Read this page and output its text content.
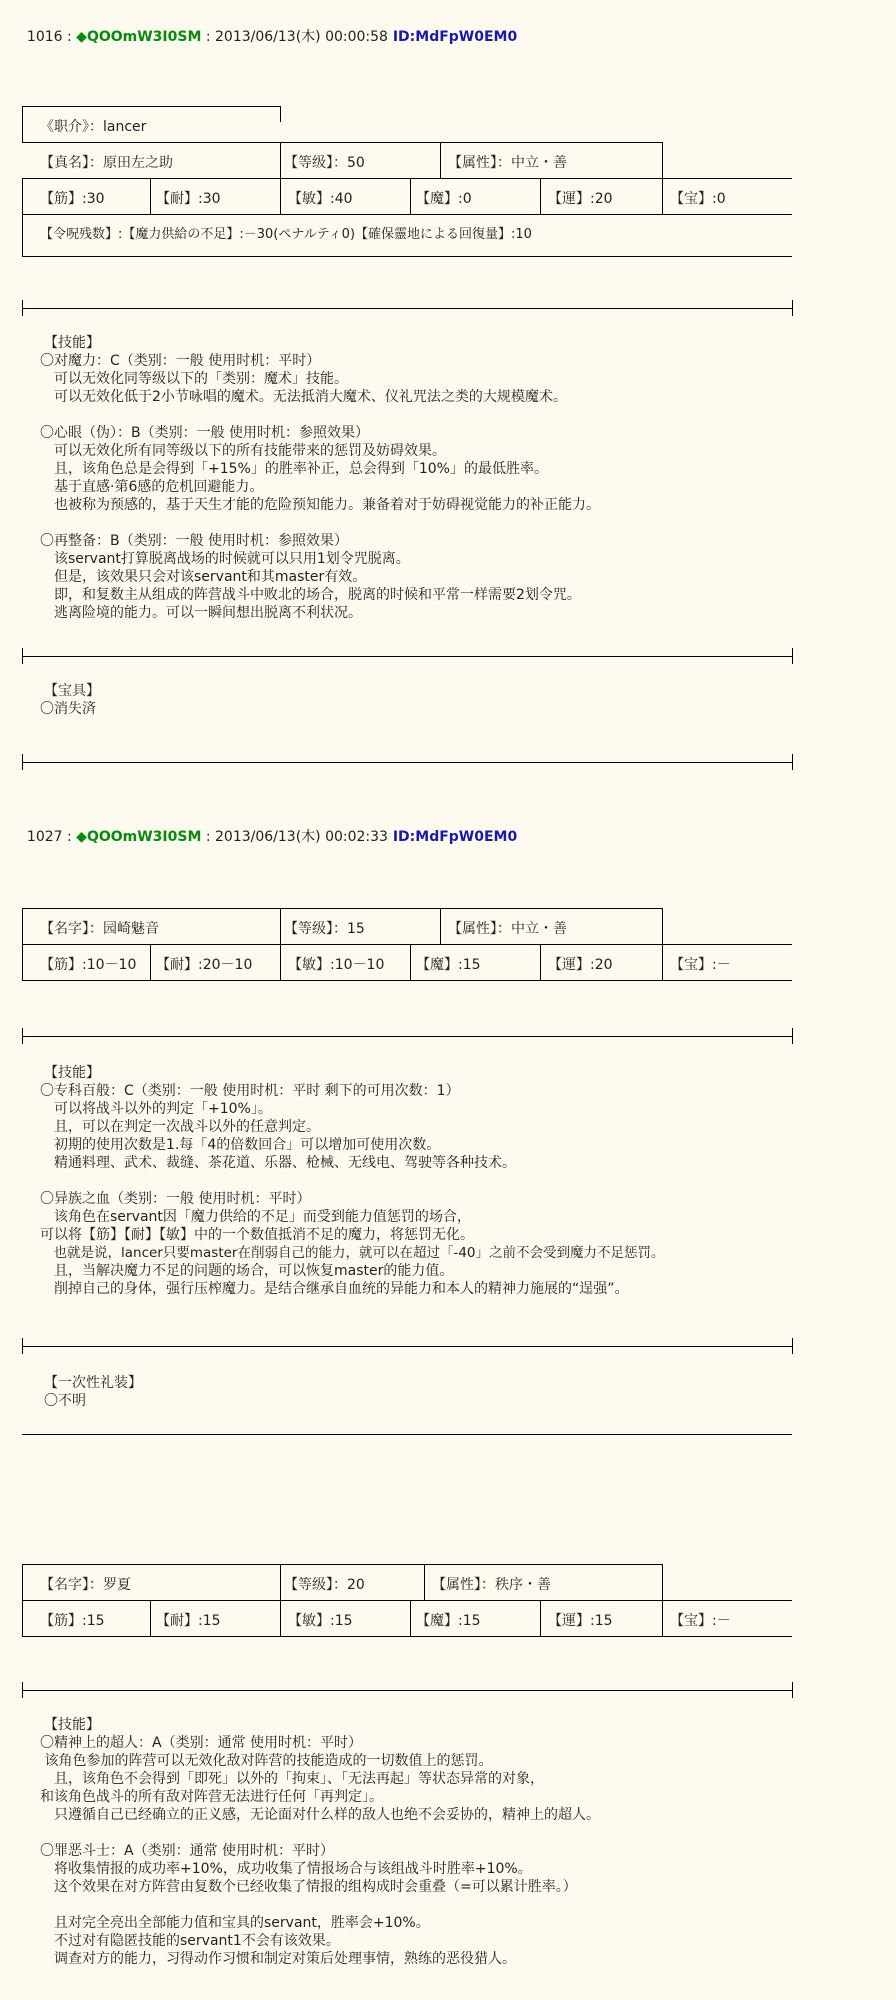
1016 : ◆QOOmW3I0SM : 2013/06/13(木) 00:00:58 ID:MdFpW0EM0

《职介》：lancer
【真名】：原田左之助	【等级】：50	【属性】：中立・善
【筋】:30	【耐】:30	【敏】:40	【魔】:0	【運】:20	【宝】:0
【令呪残数】:【魔力供給の不足】:－30(ペナルティ0)【確保靈地による回復量】:10
【技能】
〇对魔力：C（类别：一般 使用时机：平时）
　可以无效化同等级以下的「类别：魔术」技能。
　可以无效化低于2小节咏唱的魔术。无法抵消大魔术、仪礼咒法之类的大规模魔术。
〇心眼（伪）：B（类别：一般 使用时机：参照效果）
　可以无效化所有同等级以下的所有技能带来的惩罚及妨碍效果。
　且，该角色总是会得到「+15%」的胜率补正，总会得到「10%」的最低胜率。
　基于直感·第6感的危机回避能力。
　也被称为预感的，基于天生才能的危险预知能力。兼备着对于妨碍视觉能力的补正能力。
〇再整备：B（类别：一般 使用时机：参照效果）
　该servant打算脱离战场的时候就可以只用1划令咒脱离。
　但是，该效果只会对该servant和其master有效。
　即，和复数主从组成的阵营战斗中败北的场合，脱离的时候和平常一样需要2划令咒。
　逃离险境的能力。可以一瞬间想出脱离不利状况。
【宝具】
〇消失済

1027 : ◆QOOmW3I0SM : 2013/06/13(木) 00:02:33 ID:MdFpW0EM0

【名字】：园崎魅音	【等级】：15	【属性】：中立・善
【筋】:10－10 【耐】:20－10	【敏】:10－10 【魔】:15	【運】:20	【宝】:－
【技能】
〇专科百般：C（类别：一般 使用时机：平时 剩下的可用次数：1）
　可以将战斗以外的判定「+10%」。
　且，可以在判定一次战斗以外的任意判定。
　初期的使用次数是1.每「4的倍数回合」可以增加可使用次数。
　精通料理、武术、裁缝、茶花道、乐器、枪械、无线电、驾驶等各种技术。
〇异族之血（类别：一般 使用时机：平时）
　该角色在servant因「魔力供给的不足」而受到能力值惩罚的场合，
可以将【筋】【耐】【敏】中的一个数值抵消不足的魔力，将惩罚无化。
　也就是说，lancer只要master在削弱自己的能力，就可以在超过「-40」之前不会受到魔力不足惩罚。
　且，当解决魔力不足的问题的场合，可以恢复master的能力值。
　削掉自己的身体，强行压榨魔力。是结合继承自血统的异能力和本人的精神力施展的“逞强”。
【一次性礼装】
〇不明
【名字】：罗夏	【等级】：20	【属性】：秩序・善
【筋】:15	【耐】:15	【敏】:15	【魔】:15	【運】:15	【宝】:－
【技能】
〇精神上的超人：A（类别：通常 使用时机：平时）
该角色参加的阵营可以无效化敌对阵营的技能造成的一切数值上的惩罚。
　且，该角色不会得到「即死」以外的「拘束」、「无法再起」等状态异常的对象，
和该角色战斗的所有敌对阵营无法进行任何「再判定」。
　只遵循自己已经确立的正义感，无论面对什么样的敌人也绝不会妥协的，精神上的超人。
〇罪恶斗士：A（类别：通常 使用时机：平时）
　将收集情报的成功率+10%，成功收集了情报场合与该组战斗时胜率+10%。
　这个效果在对方阵营由复数个已经收集了情报的组构成时会重叠（=可以累计胜率。）
　且对完全亮出全部能力值和宝具的servant，胜率会+10%。
　不过对有隐匿技能的servant1不会有该效果。
　调查对方的能力，习得动作习惯和制定对策后处理事情，熟练的恶役猎人。
